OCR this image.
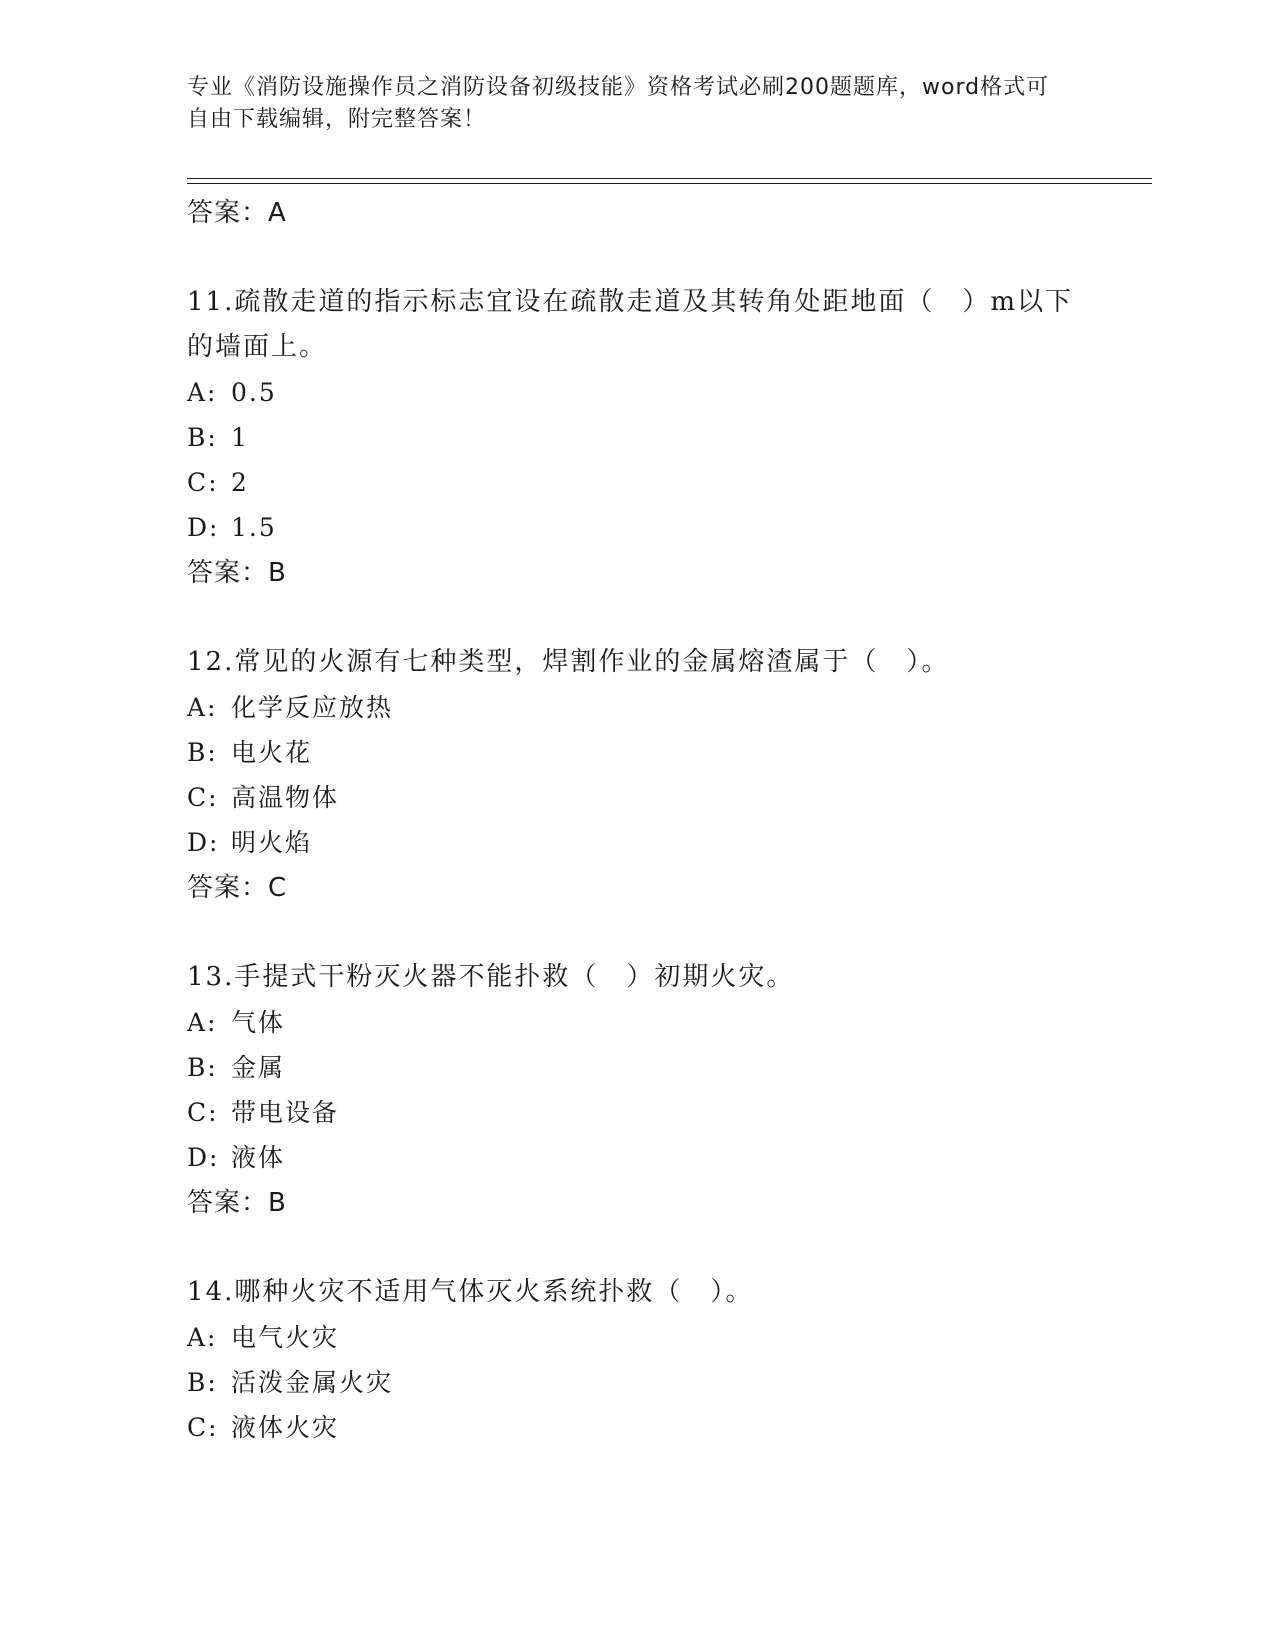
专业《消防设施操作员之消防设备初级技能》资格考试必刷200题题库，word格式可自由下载编辑，附完整答案！
答案：A
11.疏散走道的指示标志宜设在疏散走道及其转角处距地面（　）m以下的墙面上。
A: 0.5
B: 1
C: 2
D: 1.5
答案：B
12.常见的火源有七种类型，焊割作业的金属熔渣属于（　）。
A: 化学反应放热
B: 电火花
C: 高温物体
D: 明火焰
答案：C
13.手提式干粉灭火器不能扑救（　）初期火灾。
A: 气体
B: 金属
C: 带电设备
D: 液体
答案：B
14.哪种火灾不适用气体灭火系统扑救（　）。
A: 电气火灾
B: 活泼金属火灾
C: 液体火灾
